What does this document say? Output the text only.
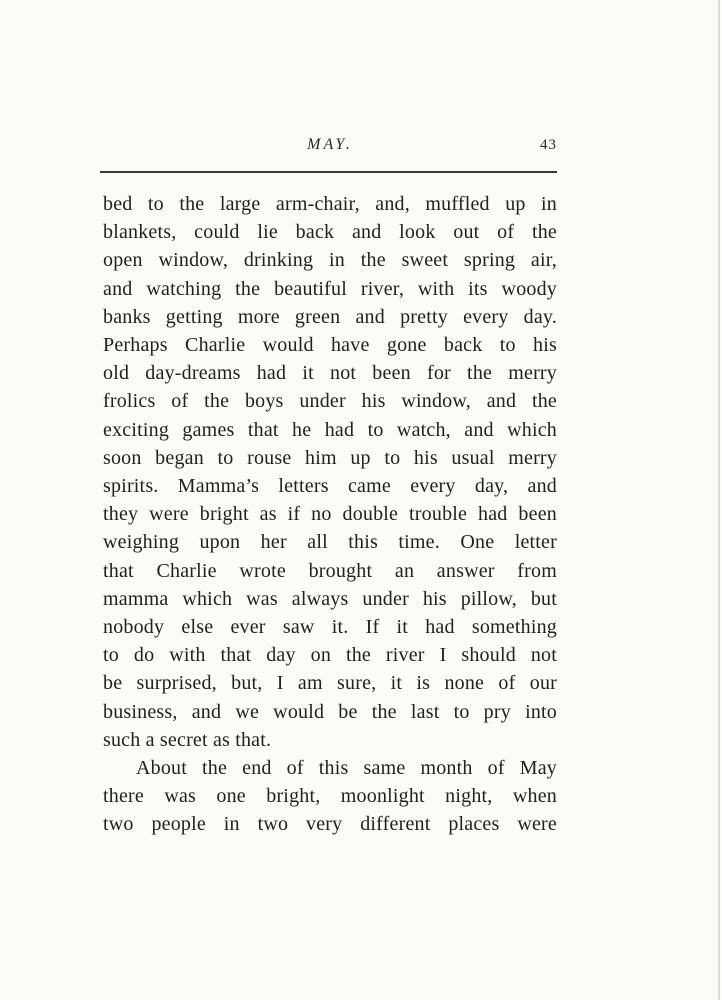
MAY.	43
bed to the large arm-chair, and, muffled up in
blankets, could lie back and look out of the
open window, drinking in the sweet spring air,
and watching the beautiful river, with its woody
banks getting more green and pretty every day.
Perhaps Charlie would have gone back to his
old day-dreams had it not been for the merry
frolics of the boys under his window, and the
exciting games that he had to watch, and which
soon began to rouse him up to his usual merry
spirits. Mamma’s letters came every day, and
they were bright as if no double trouble had been
weighing upon her all this time. One letter
that Charlie wrote brought an answer from
mamma which was always under his pillow, but
nobody else ever saw it. If it had something
to do with that day on the river I should not
be surprised, but, I am sure, it is none of our
business, and we would be the last to pry into
such a secret as that.
About the end of this same month of May
there was one bright, moonlight night, when
two people in two very different places were
